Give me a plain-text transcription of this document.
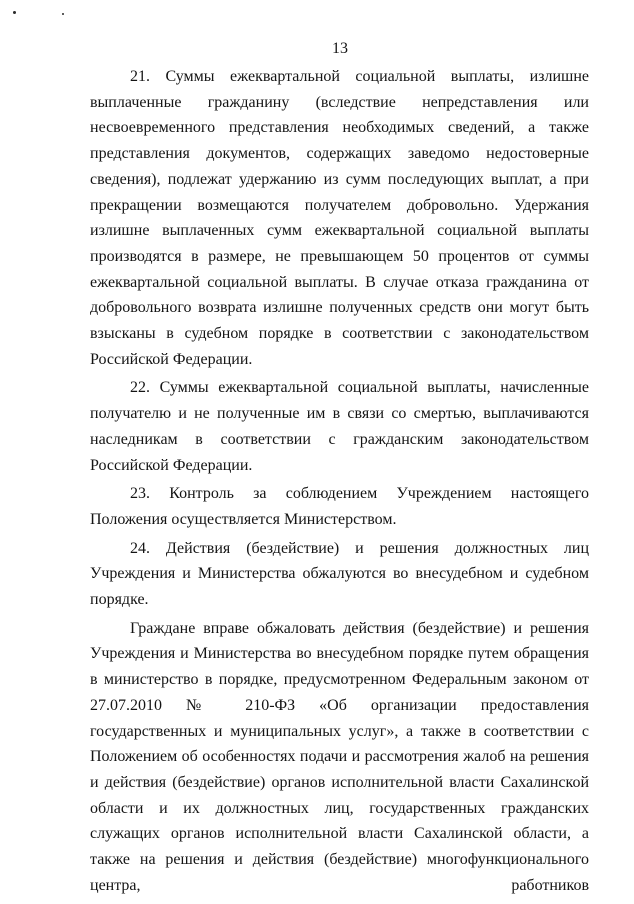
13

21. Суммы ежеквартальной социальной выплаты, излишне выплаченные гражданину (вследствие непредставления или несвоевременного представления необходимых сведений, а также представления документов, содержащих заведомо недостоверные сведения), подлежат удержанию из сумм последующих выплат, а при прекращении возмещаются получателем добровольно. Удержания излишне выплаченных сумм ежеквартальной социальной выплаты производятся в размере, не превышающем 50 процентов от суммы ежеквартальной социальной выплаты. В случае отказа гражданина от добровольного возврата излишне полученных средств они могут быть взысканы в судебном порядке в соответствии с законодательством Российской Федерации.

22. Суммы ежеквартальной социальной выплаты, начисленные получателю и не полученные им в связи со смертью, выплачиваются наследникам в соответствии с гражданским законодательством Российской Федерации.

23. Контроль за соблюдением Учреждением настоящего Положения осуществляется Министерством.

24. Действия (бездействие) и решения должностных лиц Учреждения и Министерства обжалуются во внесудебном и судебном порядке.

Граждане вправе обжаловать действия (бездействие) и решения Учреждения и Министерства во внесудебном порядке путем обращения в министерство в порядке, предусмотренном Федеральным законом от 27.07.2010 № 210-ФЗ «Об организации предоставления государственных и муниципальных услуг», а также в соответствии с Положением об особенностях подачи и рассмотрения жалоб на решения и действия (бездействие) органов исполнительной власти Сахалинской области и их должностных лиц, государственных гражданских служащих органов исполнительной власти Сахалинской области, а также на решения и действия (бездействие) многофункционального центра, работников
